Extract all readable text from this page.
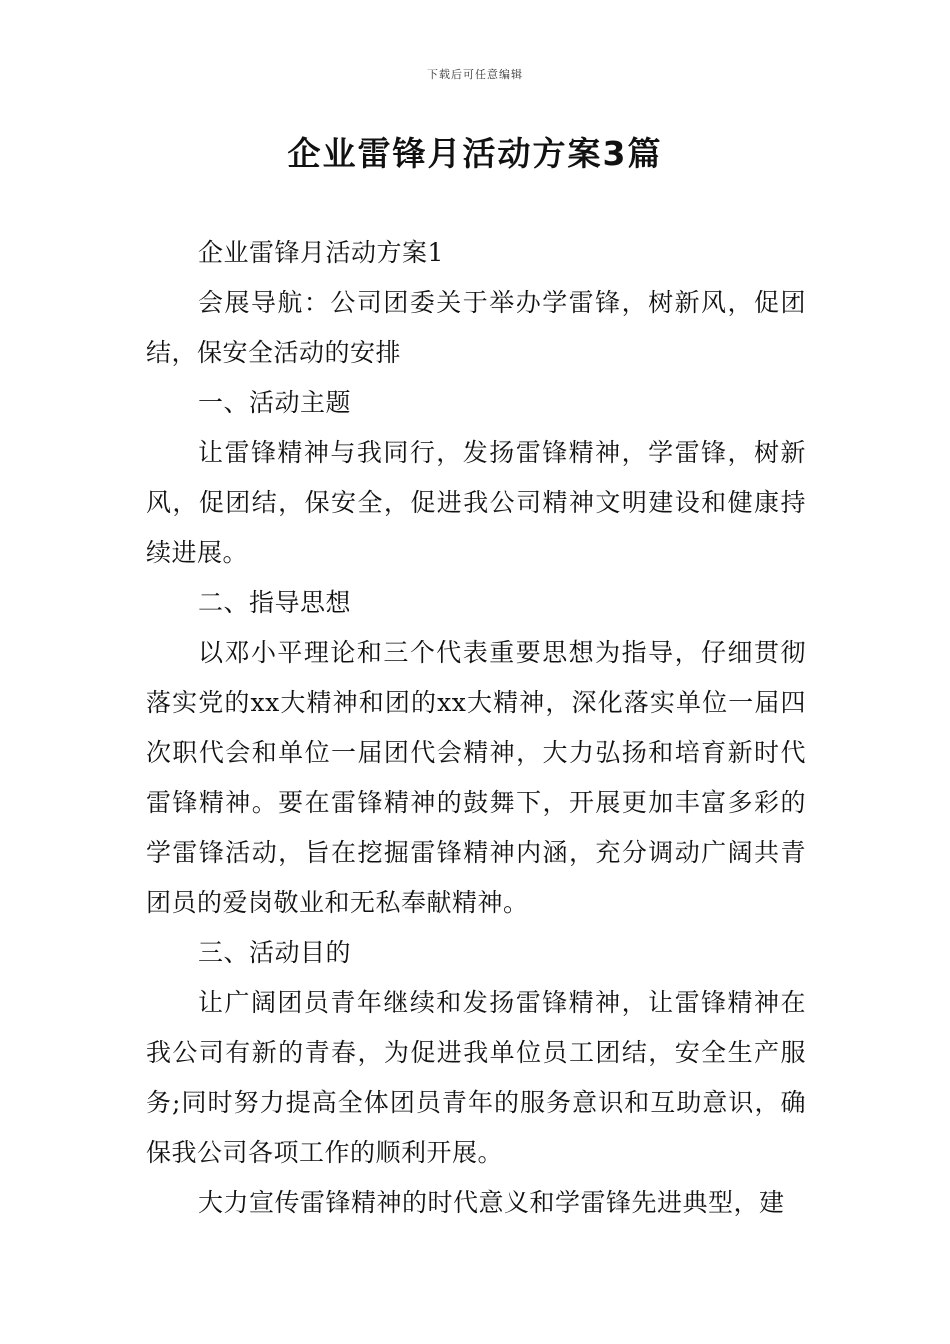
下载后可任意编辑
企业雷锋月活动方案3篇

企业雷锋月活动方案1

会展导航：公司团委关于举办学雷锋，树新风，促团结，保安全活动的安排

一、活动主题

让雷锋精神与我同行，发扬雷锋精神，学雷锋，树新风，促团结，保安全，促进我公司精神文明建设和健康持续进展。

二、指导思想

以邓小平理论和三个代表重要思想为指导，仔细贯彻落实党的xx大精神和团的xx大精神，深化落实单位一届四次职代会和单位一届团代会精神，大力弘扬和培育新时代雷锋精神。要在雷锋精神的鼓舞下，开展更加丰富多彩的学雷锋活动，旨在挖掘雷锋精神内涵，充分调动广阔共青团员的爱岗敬业和无私奉献精神。

三、活动目的

让广阔团员青年继续和发扬雷锋精神，让雷锋精神在我公司有新的青春，为促进我单位员工团结，安全生产服务;同时努力提高全体团员青年的服务意识和互助意识，确保我公司各项工作的顺利开展。

大力宣传雷锋精神的时代意义和学雷锋先进典型，建
